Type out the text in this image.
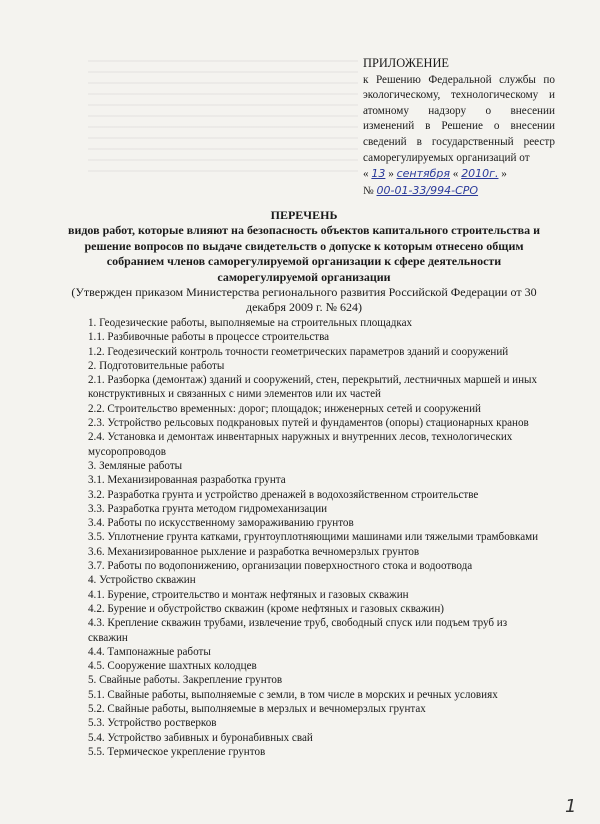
ПРИЛОЖЕНИЕ
к Решению Федеральной службы по экологическому, технологическому и атомному надзору о внесении изменений в Решение о внесении сведений в государственный реестр саморегулируемых организаций от
« 13 » сентября « 2010г. »
№ 00-01-33/994-СРО
ПЕРЕЧЕНЬ
видов работ, которые влияют на безопасность объектов капитального строительства и решение вопросов по выдаче свидетельств о допуске к которым отнесено общим собранием членов саморегулируемой организации к сфере деятельности саморегулируемой организации
(Утвержден приказом Министерства регионального развития Российской Федерации от 30 декабря 2009 г. № 624)
1. Геодезические работы, выполняемые на строительных площадках
1.1. Разбивочные работы в процессе строительства
1.2. Геодезический контроль точности геометрических параметров зданий и сооружений
2. Подготовительные работы
2.1. Разборка (демонтаж) зданий и сооружений, стен, перекрытий, лестничных маршей и иных конструктивных и связанных с ними элементов или их частей
2.2. Строительство временных: дорог; площадок; инженерных сетей и сооружений
2.3. Устройство рельсовых подкрановых путей и фундаментов (опоры) стационарных кранов
2.4. Установка и демонтаж инвентарных наружных и внутренних лесов, технологических мусоропроводов
3. Земляные работы
3.1. Механизированная разработка грунта
3.2. Разработка грунта и устройство дренажей в водохозяйственном строительстве
3.3. Разработка грунта методом гидромеханизации
3.4. Работы по искусственному замораживанию грунтов
3.5. Уплотнение грунта катками, грунтоуплотняющими машинами или тяжелыми трамбовками
3.6. Механизированное рыхление и разработка вечномерзлых грунтов
3.7. Работы по водопонижению, организации поверхностного стока и водоотвода
4. Устройство скважин
4.1. Бурение, строительство и монтаж нефтяных и газовых скважин
4.2. Бурение и обустройство скважин (кроме нефтяных и газовых скважин)
4.3. Крепление скважин трубами, извлечение труб, свободный спуск или подъем труб из скважин
4.4. Тампонажные работы
4.5. Сооружение шахтных колодцев
5. Свайные работы. Закрепление грунтов
5.1. Свайные работы, выполняемые с земли, в том числе в морских и речных условиях
5.2. Свайные работы, выполняемые в мерзлых и вечномерзлых грунтах
5.3. Устройство ростверков
5.4. Устройство забивных и буронабивных свай
5.5. Термическое укрепление грунтов
1
